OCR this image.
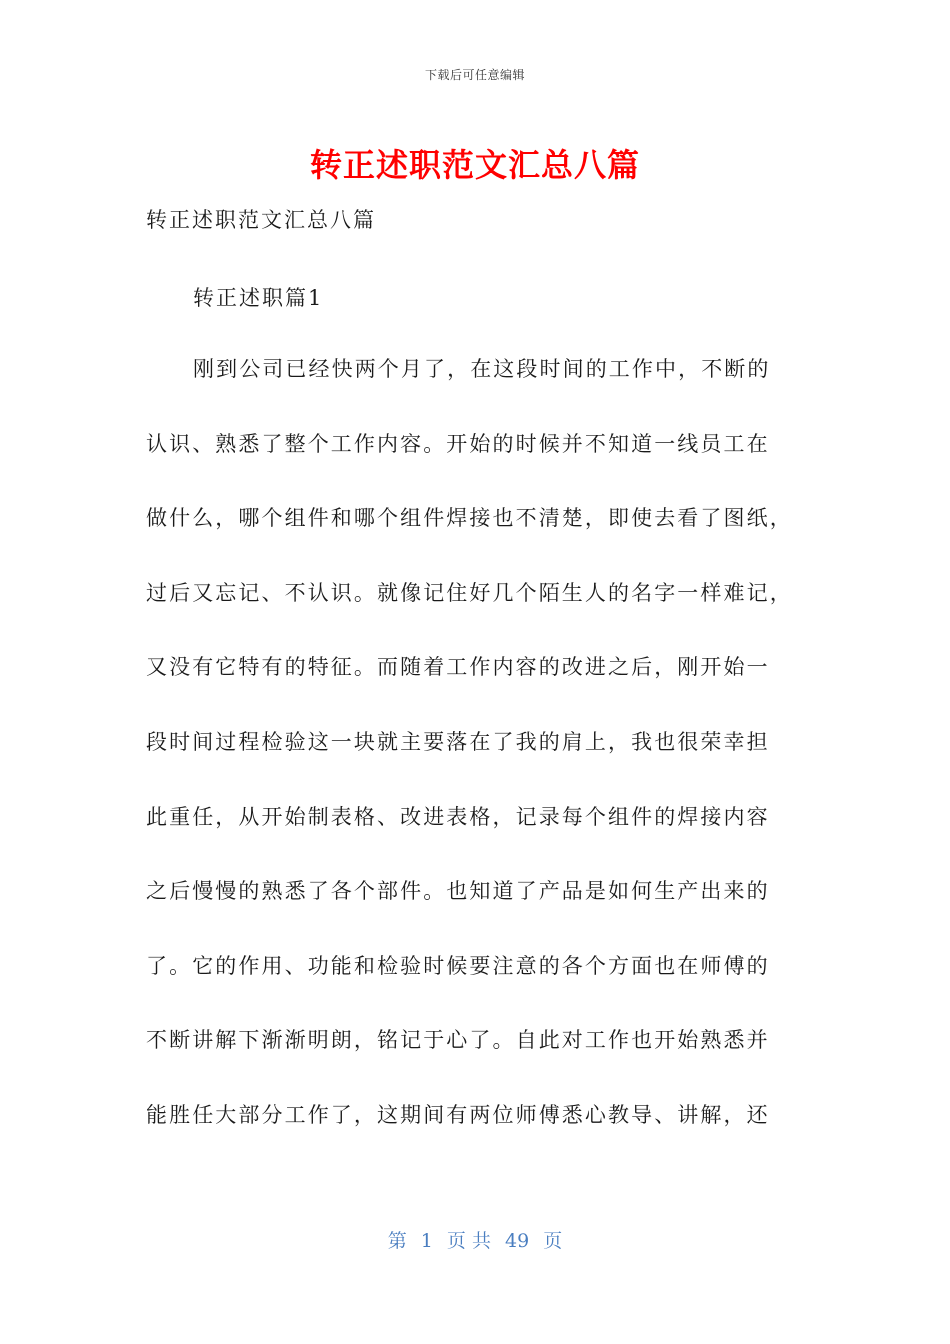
下载后可任意编辑
转正述职范文汇总八篇
转正述职范文汇总八篇
转正述职篇1
刚到公司已经快两个月了，在这段时间的工作中，不断的
认识、熟悉了整个工作内容。开始的时候并不知道一线员工在
做什么，哪个组件和哪个组件焊接也不清楚，即使去看了图纸，
过后又忘记、不认识。就像记住好几个陌生人的名字一样难记，
又没有它特有的特征。而随着工作内容的改进之后，刚开始一
段时间过程检验这一块就主要落在了我的肩上，我也很荣幸担
此重任，从开始制表格、改进表格，记录每个组件的焊接内容
之后慢慢的熟悉了各个部件。也知道了产品是如何生产出来的
了。它的作用、功能和检验时候要注意的各个方面也在师傅的
不断讲解下渐渐明朗，铭记于心了。自此对工作也开始熟悉并
能胜任大部分工作了，这期间有两位师傅悉心教导、讲解，还
第 1 页 共 49 页
